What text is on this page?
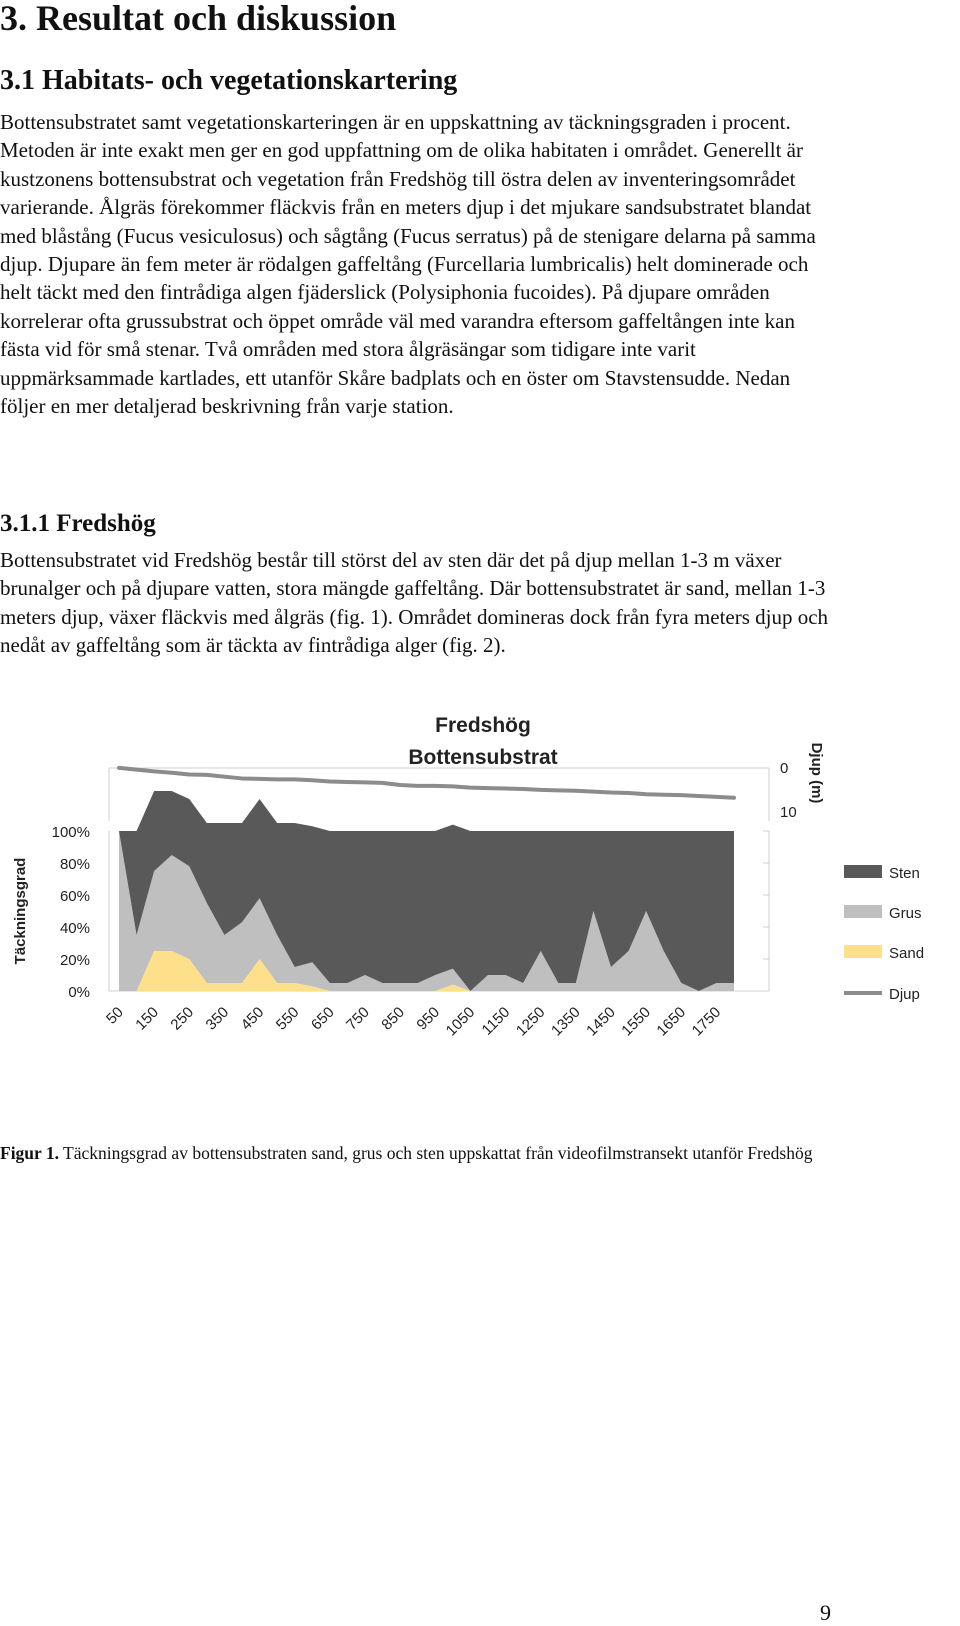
3. Resultat och diskussion
3.1 Habitats- och vegetationskartering

Bottensubstratet samt vegetationskarteringen är en uppskattning av täckningsgraden i procent. Metoden är inte exakt men ger en god uppfattning om de olika habitaten i området. Generellt är kustzonens bottensubstrat och vegetation från Fredshög till östra delen av inventeringsområdet varierande. Ålgräs förekommer fläckvis från en meters djup i det mjukare sandsubstratet blandat med blåstång (Fucus vesiculosus) och sågtång (Fucus serratus) på de stenigare delarna på samma djup. Djupare än fem meter är rödalgen gaffeltång (Furcellaria lumbricalis) helt dominerade och helt täckt med den fintrådiga algen fjäderslick (Polysiphonia fucoides). På djupare områden korrelerar ofta grussubstrat och öppet område väl med varandra eftersom gaffeltången inte kan fästa vid för små stenar. Två områden med stora ålgräsängar som tidigare inte varit uppmärksammade kartlades, ett utanför Skåre badplats och en öster om Stavstensudde. Nedan följer en mer detaljerad beskrivning från varje station.

3.1.1 Fredshög

Bottensubstratet vid Fredshög består till störst del av sten där det på djup mellan 1-3 m växer brunalger och på djupare vatten, stora mängde gaffeltång. Där bottensubstratet är sand, mellan 1-3 meters djup, växer fläckvis med ålgräs (fig. 1). Området domineras dock från fyra meters djup och nedåt av gaffeltång som är täckta av fintrådiga alger (fig. 2).

Fredshög
Bottensubstrat
0%
20%
40%
60%
80%
100%
Täckningsgrad
0
10
Djup (m)
50 150 250 350 450 550 650 750 850 950 1050 1150 1250 1350 1450 1550 1650 1750
Sten
Grus
Sand
Djup

Figur 1. Täckningsgrad av bottensubstraten sand, grus och sten uppskattat från videofilmstransekt utanför Fredshög

9
